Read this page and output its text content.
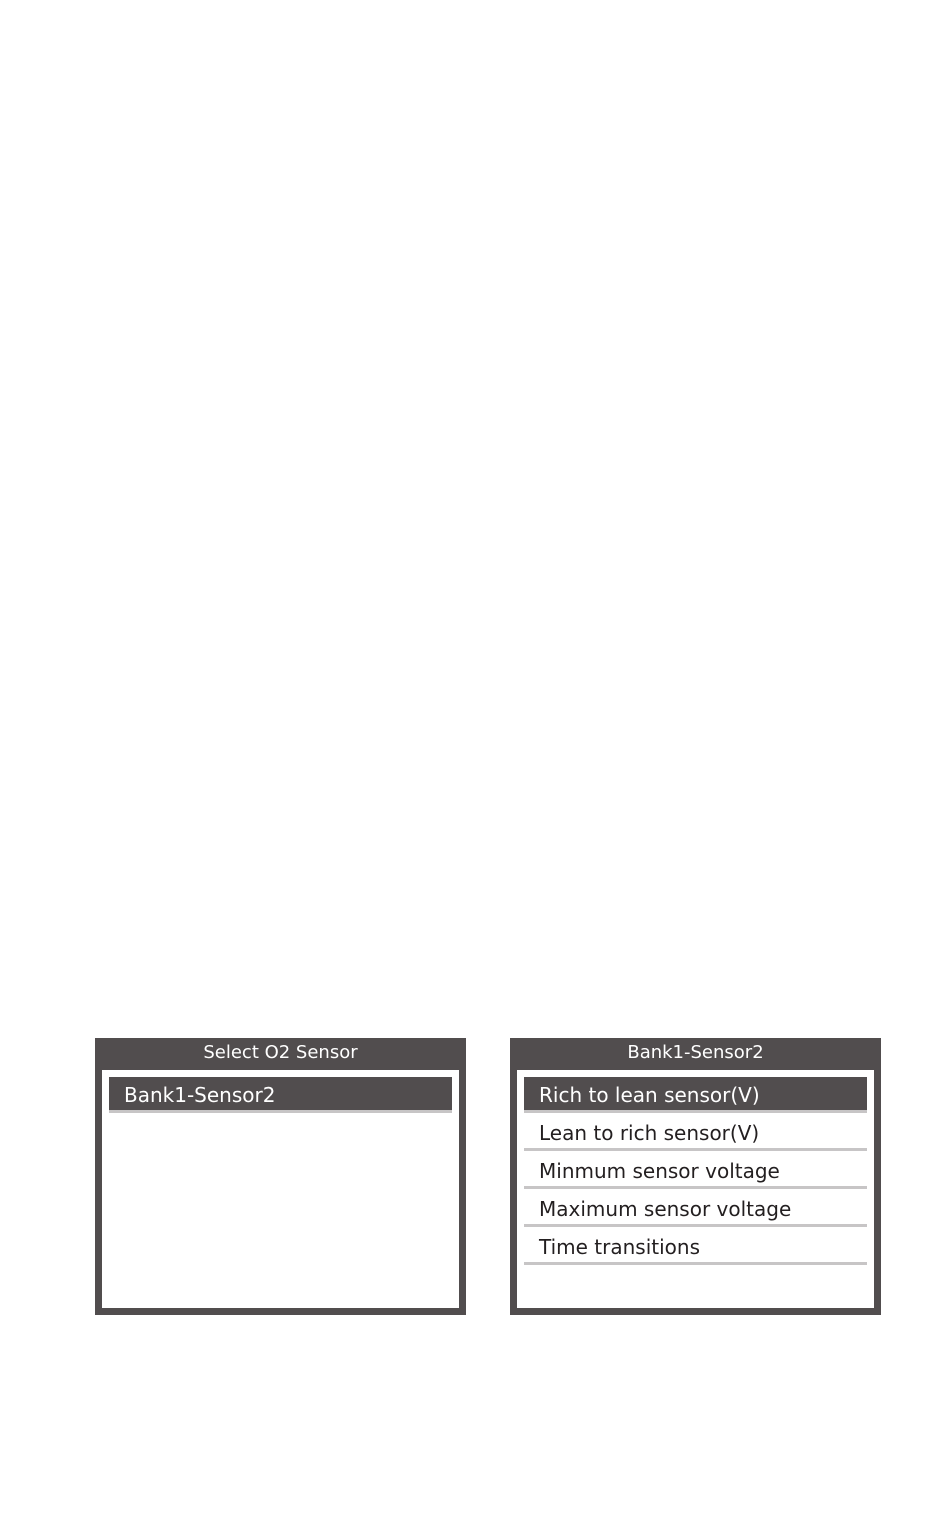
Select O2 Sensor
Bank1-Sensor2
Bank1-Sensor2
Rich to lean sensor(V)
Lean to rich sensor(V)
Minmum sensor voltage
Maximum sensor voltage
Time transitions
